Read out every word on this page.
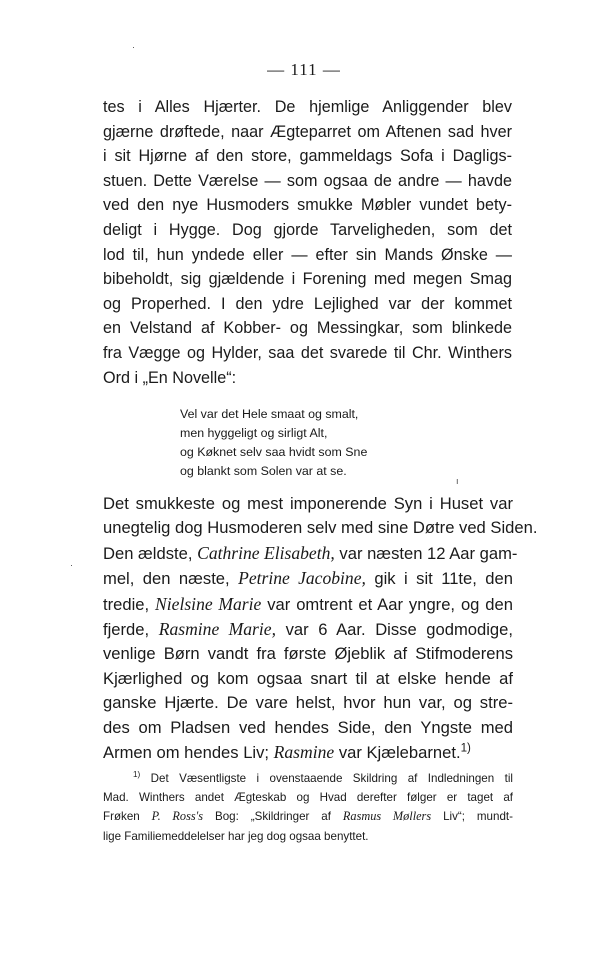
— 111 —
tes i Alles Hjærter. De hjemlige Anliggender blev
gjærne drøftede, naar Ægteparret om Aftenen sad hver
i sit Hjørne af den store, gammeldags Sofa i Dagligs-
stuen. Dette Værelse — som ogsaa de andre — havde
ved den nye Husmoders smukke Møbler vundet bety-
deligt i Hygge. Dog gjorde Tarveligheden, som det
lod til, hun yndede eller — efter sin Mands Ønske —
bibeholdt, sig gjældende i Forening med megen Smag
og Properhed. I den ydre Lejlighed var der kommet
en Velstand af Kobber- og Messingkar, som blinkede
fra Vægge og Hylder, saa det svarede til Chr. Winthers
Ord i „En Novelle“:
Vel var det Hele smaat og smalt,
men hyggeligt og sirligt Alt,
og Køknet selv saa hvidt som Sne
og blankt som Solen var at se.
Det smukkeste og mest imponerende Syn i Huset var
unegtelig dog Husmoderen selv med sine Døtre ved Siden.
Den ældste, Cathrine Elisabeth, var næsten 12 Aar gam-
mel, den næste, Petrine Jacobine, gik i sit 11te, den
tredie, Nielsine Marie var omtrent et Aar yngre, og den
fjerde, Rasmine Marie, var 6 Aar. Disse godmodige,
venlige Børn vandt fra første Øjeblik af Stifmoderens
Kjærlighed og kom ogsaa snart til at elske hende af
ganske Hjærte. De vare helst, hvor hun var, og stre-
des om Pladsen ved hendes Side, den Yngste med
Armen om hendes Liv; Rasmine var Kjælebarnet.$^{1)}$
$^{1)}$ Det Væsentligste i ovenstaaende Skildring af Indledningen til
Mad. Winthers andet Ægteskab og Hvad derefter følger er taget af
Frøken P. Ross's Bog: „Skildringer af Rasmus Møllers Liv“; mundt-
lige Familiemeddelelser har jeg dog ogsaa benyttet.
·
ı
·
